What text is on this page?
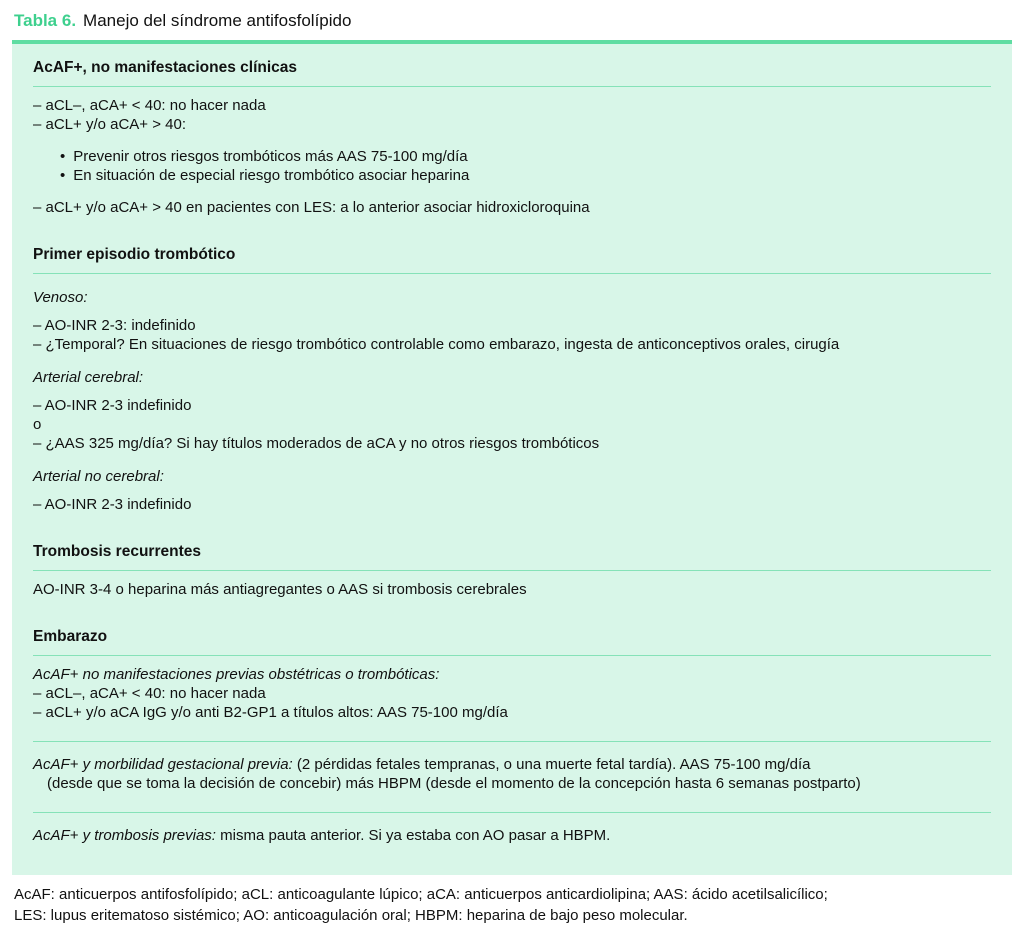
Tabla 6. Manejo del síndrome antifosfolípido
AcAF+, no manifestaciones clínicas
– aCL–, aCA+ < 40: no hacer nada
– aCL+ y/o aCA+ > 40:
• Prevenir otros riesgos trombóticos más AAS 75-100 mg/día
• En situación de especial riesgo trombótico asociar heparina
– aCL+ y/o aCA+ > 40 en pacientes con LES: a lo anterior asociar hidroxicloroquina
Primer episodio trombótico
Venoso:
– AO-INR 2-3: indefinido
– ¿Temporal? En situaciones de riesgo trombótico controlable como embarazo, ingesta de anticonceptivos orales, cirugía
Arterial cerebral:
– AO-INR 2-3 indefinido
o
– ¿AAS 325 mg/día? Si hay títulos moderados de aCA y no otros riesgos trombóticos
Arterial no cerebral:
– AO-INR 2-3 indefinido
Trombosis recurrentes
AO-INR 3-4 o heparina más antiagregantes o AAS si trombosis cerebrales
Embarazo
AcAF+ no manifestaciones previas obstétricas o trombóticas:
– aCL–, aCA+ < 40: no hacer nada
– aCL+ y/o aCA IgG y/o anti B2-GP1 a títulos altos: AAS 75-100 mg/día
AcAF+ y morbilidad gestacional previa: (2 pérdidas fetales tempranas, o una muerte fetal tardía). AAS 75-100 mg/día
(desde que se toma la decisión de concebir) más HBPM (desde el momento de la concepción hasta 6 semanas postparto)
AcAF+ y trombosis previas: misma pauta anterior. Si ya estaba con AO pasar a HBPM.
AcAF: anticuerpos antifosfolípido; aCL: anticoagulante lúpico; aCA: anticuerpos anticardiolipina; AAS: ácido acetilsalicílico;
LES: lupus eritematoso sistémico; AO: anticoagulación oral; HBPM: heparina de bajo peso molecular.
